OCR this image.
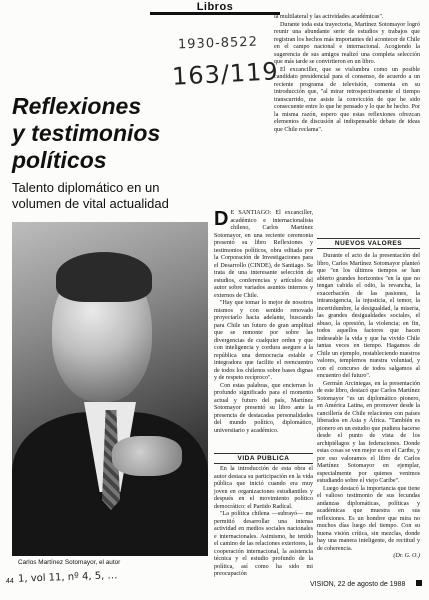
Libros
1930-8522
163/119
Reflexiones
y testimonios
políticos
Talento diplomático en un volumen de vital actualidad

la multilateral y las actividades académicas".

Durante toda esta trayectoria, Martínez Sotomayor logró reunir una abundante serie de estudios y trabajos que registran los hechos más importantes del acontecer de Chile en el campo nacional e internacional. Acogiendo la sugerencia de sus amigos realizó una completa selección que más tarde se convirtieron en un libro.

El excanciller, que se vislumbra como un posible candidato presidencial para el consenso, de acuerdo a un reciente programa de televisión, comenta en su introducción que, "al mirar retrospectivamente el tiempo transcurrido, me asiste la convicción de que he sido consecuente entre lo que he pensado y lo que he hecho. Por la misma razón, espero que estas reflexiones ofrezcan elementos de discusión al indispensable debate de ideas que Chile reclama".

D E SANTIAGO: El excanciller, académico e internacionalista chileno, Carlos Martínez Sotomayor, en una reciente ceremonia presentó su libro Reflexiones y testimonios políticos, obra editada por la Corporación de Investigaciones para el Desarrollo (CINDE), de Santiago. Se trata de una interesante selección de estudios, conferencias y artículos del autor sobre variados asuntos internos y externos de Chile.

"Hay que tomar lo mejor de nosotros mismos y con sentido renovado proyectarlo hacia adelante, buscando para Chile un futuro de gran amplitud que se remonte por sobre las divergencias de cualquier orden y que con inteligencia y cordura asegure a la república una democracia estable e integradora que facilite el reencuentro de todos los chilenos sobre bases dignas y de respeto recíproco".

Con estas palabras, que encierran lo profundo significado para el momento actual y futuro del país, Martínez Sotomayor presentó su libro ante la presencia de destacadas personalidades del mundo político, diplomático, universitario y académico.

NUEVOS VALORES

Durante el acto de la presentación del libro, Carlos Martínez Sotomayor planteó que "en los últimos tiempos se han abierto grandes horizontes "en la que no tengan cabida el odio, la revancha, la exacerbación de las pasiones, la intransigencia, la injusticia, el temor, la incertidumbre, la desigualdad, la miseria, las grandes desigualdades sociales, el abuso, la opresión, la violencia; en fin, todos aquellos factores que hacen indeseable la vida y que ha vivido Chile tantas veces en tiempo. Hagamos de Chile un ejemplo, restableciendo nuestros valores, templemos nuestra voluntad, y con el concurso de todos salgamos al encuentro del futuro".

Germán Arciniegas, en la presentación de este libro, destacó que Carlos Martínez Sotomayor "es un diplomático pionero, en América Latina, en promover desde la cancillería de Chile relaciones con países liberados en Asia y África. "También es pionero en un estudio que pudiera hacerse desde el punto de vista de los archipiélagos y las federaciones. Donde estas cosas se ven mejor es en el Caribe, y por eso valoramos el libro de Carlos Martínez Sotomayor en ejemplar, especialmente por quienes venimos estudiando sobre el viejo Caribe".

Luego destacó la importancia que tiene el valioso testimonio de sus fecundas andanzas diplomáticas, políticas y académicas que muestra en sus reflexiones. Es un hombre que mira no muchos días luego del tiempo. Con su buena visión crítica, sin mezclas, donde hay una manera inteligente, de rectitud y de coherencia.

(Dr. G. O.)

VIDA PUBLICA

En la introducción de esta obra el autor destaca su participación en la vida pública que inició cuando era muy joven en organizaciones estudiantiles y después en el movimiento político democrático: el Partido Radical.

"La política chilena —subrayó— me permitió desarrollar una intensa actividad en medios sociales nacionales e internacionales. Asimismo, he tenido el camino de las relaciones exteriores, la cooperación internacional, la asistencia técnica y el estudio profundo de la política, así como ha sido mi preocupación

Carlos Martínez Sotomayor, el autor
44 1, vol 11, nº 4, 5, …	VISION, 22 de agosto de 1988
